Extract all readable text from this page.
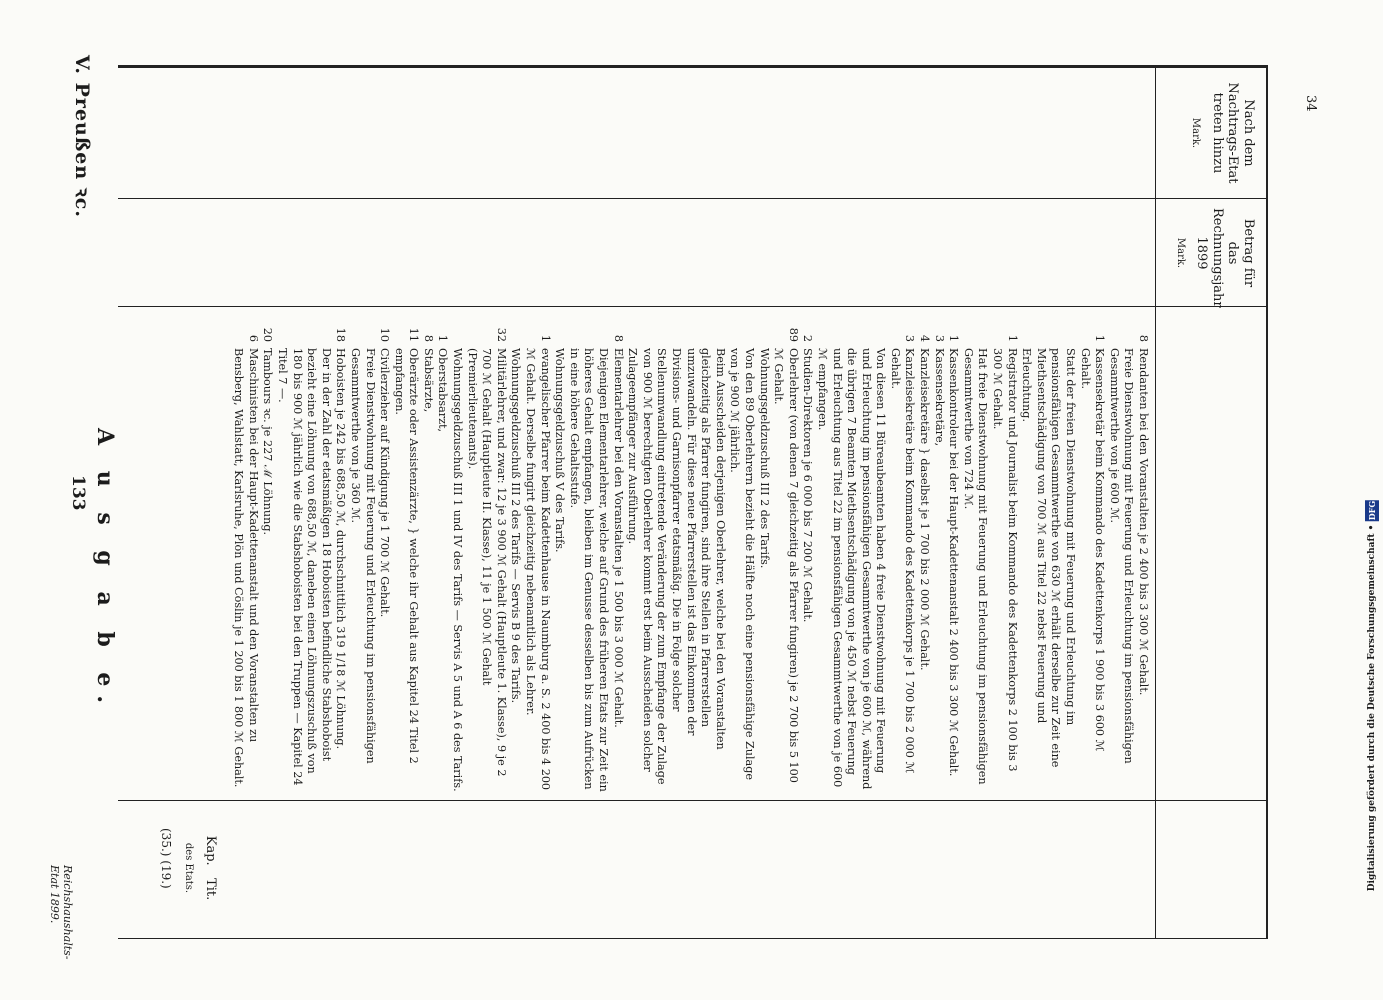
V. Preußen ꝛc.
133
Nach dem Nachtrags-Etat treten hinzu
Mark.
Betrag für das Rechnungsjahr 1899
Mark.
A u s g a b e.
Kap.   Tit.

des Etats.
(35.) (19.)
8
Rendanten bei den Voranstalten je 2 400 bis 3 300 ℳ Gehalt.
Freie Dienstwohnung mit Feuerung und Erleuchtung im pensionsfähigen Gesammtwerthe von je 600 ℳ.
1
Kassensekretär beim Kommando des Kadettenkorps 1 900 bis 3 600 ℳ Gehalt.
Statt der freien Dienstwohnung mit Feuerung und Erleuchtung im pensionsfähigen Gesammtwerthe von 630 ℳ erhält derselbe zur Zeit eine Miethsentschädigung von 700 ℳ aus Titel 22 nebst Feuerung und Erleuchtung.
1
Registrator und Journalist beim Kommando des Kadettenkorps 2 100 bis 3 300 ℳ Gehalt.
Hat freie Dienstwohnung mit Feuerung und Erleuchtung im pensionsfähigen Gesammtwerthe von 724 ℳ.
1
Kassenkontroleur bei der Haupt-Kadettenanstalt 2 400 bis 3 300 ℳ Gehalt.
3
Kassensekretäre,
4
Kanzleisekretäre } daselbst je 1 700 bis 2 000 ℳ Gehalt.
3
Kanzleisekretäre beim Kommando des Kadettenkorps je 1 700 bis 2 000 ℳ Gehalt.
Von diesen 11 Büreaubeamten haben 4 freie Dienstwohnung mit Feuerung und Erleuchtung im pensionsfähigen Gesammtwerthe von je 600 ℳ, während die übrigen 7 Beamten Miethsentschädigung von je 450 ℳ nebst Feuerung und Erleuchtung aus Titel 22 im pensionsfähigen Gesammtwerthe von je 600 ℳ empfangen.
2
Studien-Direktoren je 6 000 bis 7 200 ℳ Gehalt.
89
Oberlehrer (von denen 7 gleichzeitig als Pfarrer fungiren) je 2 700 bis 5 100 ℳ Gehalt.
Wohnungsgeldzuschuß III 2 des Tarifs.
Von den 89 Oberlehrern bezieht die Hälfte noch eine pensionsfähige Zulage von je 900 ℳ jährlich.
Beim Ausscheiden derjenigen Oberlehrer, welche bei den Voranstalten gleichzeitig als Pfarrer fungiren, sind ihre Stellen in Pfarrerstellen umzuwandeln. Für diese neue Pfarrerstellen ist das Einkommen der Divisions- und Garnisonpfarrer etatsmäßig. Die in Folge solcher Stellenumwandlung eintretende Veränderung der zum Empfange der Zulage von 900 ℳ berechtigten Oberlehrer kommt erst beim Ausscheiden solcher Zulageempfänger zur Ausführung.
8
Elementarlehrer bei den Voranstalten je 1 500 bis 3 000 ℳ Gehalt.
Diejenigen Elementarlehrer, welche auf Grund des früheren Etats zur Zeit ein höheres Gehalt empfangen, bleiben im Genusse desselben bis zum Aufrücken in eine höhere Gehaltsstufe.
Wohnungsgeldzuschuß V des Tarifs.
1
evangelischer Pfarrer beim Kadettenhause in Naumburg a. S. 2 400 bis 4 200 ℳ Gehalt. Derselbe fungirt gleichzeitig nebenamtlich als Lehrer.
Wohnungsgeldzuschuß III 2 des Tarifs — Servis B 9 des Tarifs.
32
Militärlehrer, und zwar: 12 je 3 900 ℳ Gehalt (Hauptleute 1. Klasse), 9 je 2 700 ℳ Gehalt (Hauptleute II. Klasse), 11 je 1 500 ℳ Gehalt (Premierlieutenants).
Wohnungsgeldzuschuß III 1 und IV des Tarifs — Servis A 5 und A 6 des Tarifs.
1
Oberstabsarzt,
8
Stabsärzte,
11
Oberärzte oder Assistenzärzte, } welche ihr Gehalt aus Kapitel 24 Titel 2 empfangen.
10
Civilerzieher auf Kündigung je 1 700 ℳ Gehalt.
Freie Dienstwohnung mit Feuerung und Erleuchtung im pensionsfähigen Gesammtwerthe von je 360 ℳ.
18
Hoboisten je 242 bis 688,50 ℳ, durchschnittlich 319 1/18 ℳ Löhnung.
Der in der Zahl der etatsmäßigen 18 Hoboisten befindliche Stabshoboist bezieht eine Löhnung von 688,50 ℳ, daneben einen Löhnungszuschuß von 180 bis 900 ℳ jährlich wie die Stabshoboisten bei den Truppen — Kapitel 24 Titel 7 —.
20
Tambours ꝛc. je 227 ℳ Löhnung.
6
Maschinisten bei der Haupt-Kadettenanstalt und den Voranstalten zu Bensberg, Wahlstatt, Karlsruhe, Plön und Cöslin je 1 200 bis 1 800 ℳ Gehalt.
Reichshaushalts-Etat 1899.
34
Digitalisierung gefördert durch die Deutsche Forschungsgemeinschaft • DFG
